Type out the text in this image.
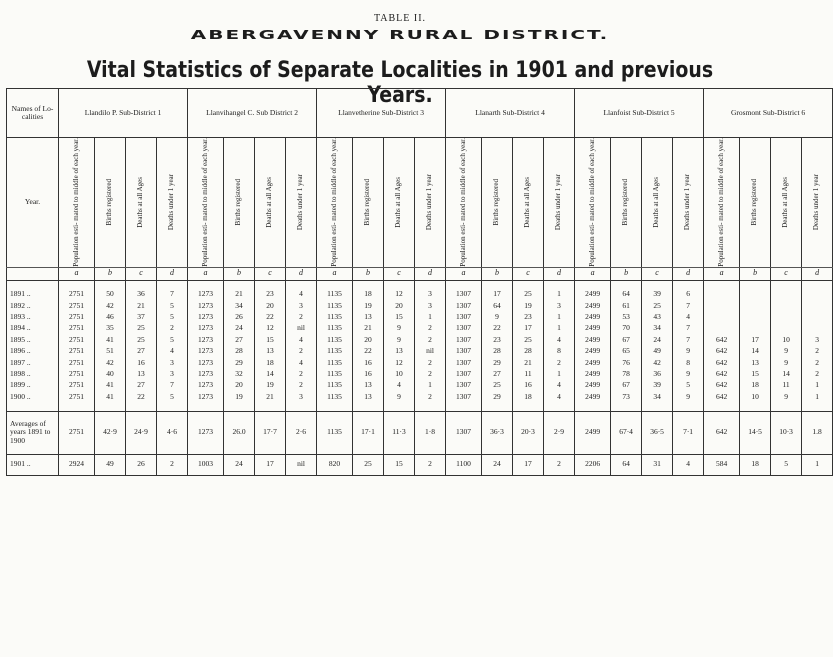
TABLE II.
ABERGAVENNY RURAL DISTRICT.
Vital Statistics of Separate Localities in 1901 and previous Years.
Names of Lo- calities	Llandilo P. Sub-District 1				Llanvihangel C. Sub District 2				Llanvetherine Sub-District 3				Llanarth Sub-District 4				Llanfoist Sub-District 5				Grosmont Sub-District 6			
Year.	Population esti- mated to middle of each year.	Births registered	Deaths at all Ages	Deaths under 1 year	Population esti- mated to middle of each year.	Births registered	Deaths at all Ages	Deaths under 1 year	Population esti- mated to middle of each year.	Births registered	Deaths at all Ages	Deaths under 1 year	Population esti- mated to middle of each year.	Births registered	Deaths at all Ages	Deaths under 1 year	Population esti- mated to middle of each year.	Births registered	Deaths at all Ages	Deaths under 1 year	Population esti- mated to middle of each year.	Births registered	Deaths at all Ages	Deaths under 1 year

	a	b	c	d	a	b	c	d	a	b	c	d	a	b	c	d	a	b	c	d	a	b	c	d

1891 ..	2751	50	36	7	1273	21	23	4	1135	18	12	3	1307	17	25	1	2499	64	39	6				
1892 ..	2751	42	21	5	1273	34	20	3	1135	19	20	3	1307	64	19	3	2499	61	25	7				
1893 ..	2751	46	37	5	1273	26	22	2	1135	13	15	1	1307	9	23	1	2499	53	43	4				
1894 ..	2751	35	25	2	1273	24	12	nil	1135	21	9	2	1307	22	17	1	2499	70	34	7				
1895 ..	2751	41	25	5	1273	27	15	4	1135	20	9	2	1307	23	25	4	2499	67	24	7	642	17	10	3
1896 ..	2751	51	27	4	1273	28	13	2	1135	22	13	nil	1307	28	28	8	2499	65	49	9	642	14	9	2
1897 ..	2751	42	16	3	1273	29	18	4	1135	16	12	2	1307	29	21	2	2499	76	42	8	642	13	9	2
1898 ..	2751	40	13	3	1273	32	14	2	1135	16	10	2	1307	27	11	1	2499	78	36	9	642	15	14	2
1899 ..	2751	41	27	7	1273	20	19	2	1135	13	4	1	1307	25	16	4	2499	67	39	5	642	18	11	1
1900 ..	2751	41	22	5	1273	19	21	3	1135	13	9	2	1307	29	18	4	2499	73	34	9	642	10	9	1

Averages of years 1891 to 1900	2751	42·9	24·9	4·6	1273	26.0	17·7	2·6	1135	17·1	11·3	1·8	1307	36·3	20·3	2·9	2499	67·4	36·5	7·1	642	14·5	10·3	1.8
1901 ..	2924	49	26	2	1003	24	17	nil	820	25	15	2	1100	24	17	2	2206	64	31	4	584	18	5	1
